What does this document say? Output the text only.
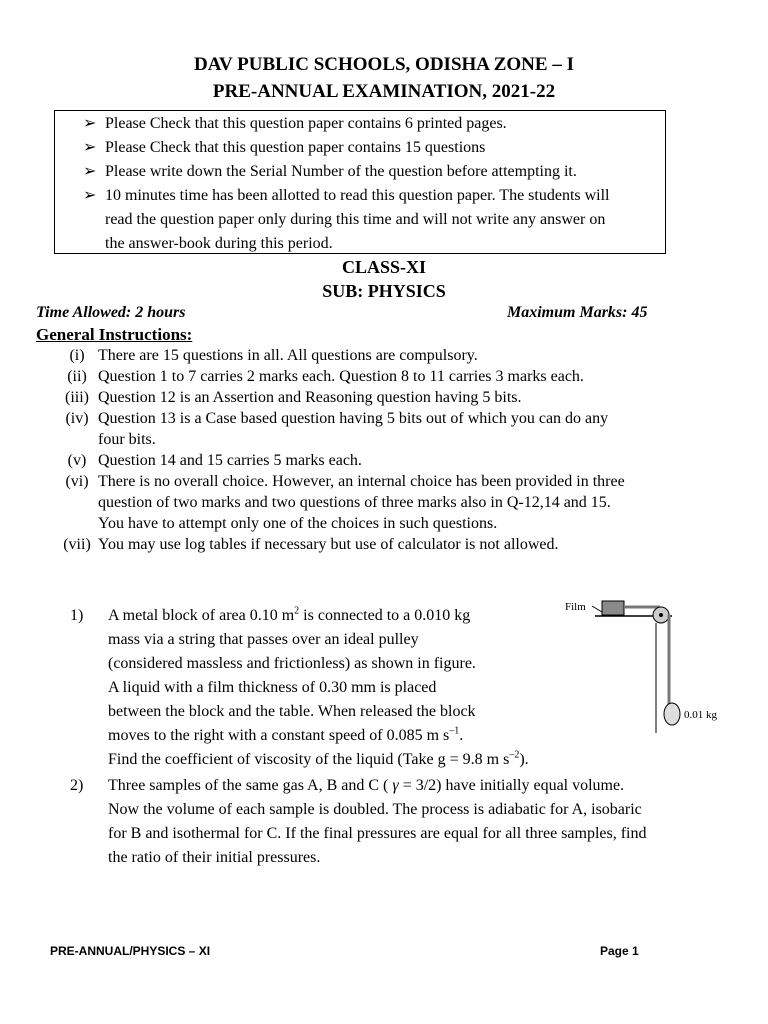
DAV PUBLIC SCHOOLS, ODISHA ZONE – I
PRE-ANNUAL EXAMINATION, 2021-22
➢ Please Check that this question paper contains 6 printed pages.
➢ Please Check that this question paper contains 15 questions
➢ Please write down the Serial Number of the question before attempting it.
➢ 10 minutes time has been allotted to read this question paper. The students will
read the question paper only during this time and will not write any answer on
the answer-book during this period.
CLASS-XI
SUB: PHYSICS
Time Allowed: 2 hours	Maximum Marks: 45
General Instructions:
(i) There are 15 questions in all. All questions are compulsory.
(ii) Question 1 to 7 carries 2 marks each. Question 8 to 11 carries 3 marks each.
(iii) Question 12 is an Assertion and Reasoning question having 5 bits.
(iv) Question 13 is a Case based question having 5 bits out of which you can do any
four bits.
(v) Question 14 and 15 carries 5 marks each.
(vi) There is no overall choice. However, an internal choice has been provided in three
question of two marks and two questions of three marks also in Q-12,14 and 15.
You have to attempt only one of the choices in such questions.
(vii) You may use log tables if necessary but use of calculator is not allowed.
1) A metal block of area 0.10 $m^2$ is connected to a 0.010 kg
mass via a string that passes over an ideal pulley
(considered massless and frictionless) as shown in figure.
A liquid with a film thickness of 0.30 mm is placed
between the block and the table. When released the block
moves to the right with a constant speed of 0.085 m $s^{-1}$.
Find the coefficient of viscosity of the liquid (Take g = 9.8 m $s^{-2}$).
Film
0.01 kg
2) Three samples of the same gas A, B and C ( γ = 3/2) have initially equal volume.
Now the volume of each sample is doubled. The process is adiabatic for A, isobaric
for B and isothermal for C. If the final pressures are equal for all three samples, find
the ratio of their initial pressures.
PRE-ANNUAL/PHYSICS – XI	Page 1
